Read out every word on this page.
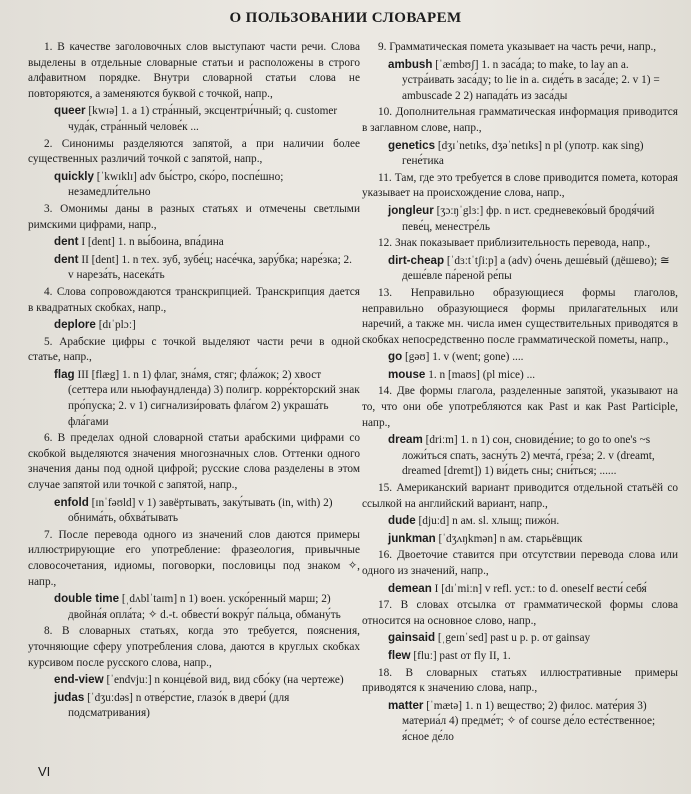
О ПОЛЬЗОВАНИИ СЛОВАРЕМ

1. В качестве заголовочных слов выступают части речи. Слова выделены в отдельные словарные статьи и расположены в строго алфавитном порядке. Внутри словарной статьи слова не повторяются, а заменяются буквой с точкой, напр.,

queer [kwɪə] 1. a 1) стра́нный, эксцентри́чный; q. customer чуда́к, стра́нный челове́к ...

2. Синонимы разделяются запятой, а при наличии более существенных различий точкой с запятой, напр.,

quickly [ˈkwɪklɪ] adv бы́стро, ско́ро, поспе́шно; незамедли́тельно

3. Омонимы даны в разных статьях и отмечены светлыми римскими цифрами, напр.,

dent I [dent] 1. n вы́боина, впа́дина

dent II [dent] 1. n тех. зуб, зубе́ц; насе́чка, зару́бка; наре́зка; 2. v нареза́ть, насека́ть

4. Слова сопровождаются транскрипцией. Транскрипция дается в квадратных скобках, напр.,

deplore [dɪˈplɔː]

5. Арабские цифры с точкой выделяют части речи в одной статье, напр.,

flag III [flæg] 1. n 1) флаг, зна́мя, стяг; фла́жок; 2) хвост (сеттера или ньюфаундленда) 3) полигр. корре́кторский знак про́пуска; 2. v 1) сигнализи́ровать фла́гом 2) украша́ть фла́гами

6. В пределах одной словарной статьи арабскими цифрами со скобкой выделяются значения многозначных слов. Оттенки одного значения даны под одной цифрой; русские слова разделены в этом случае запятой или точкой с запятой, напр.,

enfold [ɪnˈfəʊld] v 1) завёртывать, заку́тывать (in, with) 2) обнима́ть, обхва́тывать

7. После перевода одного из значений слов даются примеры иллюстрирующие его употребление: фразеология, привычные словосочетания, идиомы, поговорки, пословицы под знаком ✧, напр.,

double time [ˌdʌblˈtaɪm] n 1) воен. уско́ренный марш; 2) двойна́я опла́та; ✧ d.-t. обвести́ вокру́г па́льца, обману́ть

8. В словарных статьях, когда это требуется, пояснения, уточняющие сферу употребления слова, даются в круглых скобках курсивом после русского слова, напр.,

end-view [ˈendvjuː] n конце́вой вид, вид сбо́ку (на чертеже)

judas [ˈdʒuːdəs] n отве́рстие, глазо́к в двери́ (для подсматривания)

9. Грамматическая помета указывает на часть речи, напр.,

ambush [ˈæmbʊʃ] 1. n заса́да; to make, to lay an a. устра́ивать заса́ду; to lie in a. сиде́ть в заса́де; 2. v 1) = ambuscade 2 2) напада́ть из заса́ды

10. Дополнительная грамматическая информация приводится в заглавном слове, напр.,

genetics [dʒɪˈnetɪks, dʒəˈnetɪks] n pl (употр. как sing) гене́тика

11. Там, где это требуется в слове приводится помета, которая указывает на происхождение слова, напр.,

jongleur [ʒɔːŋˈglɜː] фр. n ист. средневеко́вый бродя́чий певе́ц, менестре́ль

12. Знак показывает приблизительность перевода, напр.,

dirt-cheap [ˈdɜːtˈtʃiːp] a (adv) о́чень деше́вый (дёшево); ≅ деше́вле па́реной ре́пы

13. Неправильно образующиеся формы глаголов, неправильно образующиеся формы прилагательных или наречий, а также мн. числа имен существительных приводятся в скобках непосредственно после грамматической пометы, напр.,

go [gəʊ] 1. v (went; gone) ....

mouse 1. n [maʊs] (pl mice) ...

14. Две формы глагола, разделенные запятой, указывают на то, что они обе употребляются как Past и как Past Participle, напр.,

dream [driːm] 1. n 1) сон, сновиде́ние; to go to one's ~s ложи́ться спать, засну́ть 2) мечта́, гре́за; 2. v (dreamt, dreamed [dremt]) 1) ви́деть сны; сни́ться; ......

15. Американский вариант приводится отдельной статьёй со ссылкой на английский вариант, напр.,

dude [djuːd] n ам. sl. хлыщ; пижо́н.

junkman [ˈdʒʌŋkmən] n ам. старьёвщик

16. Двоеточие ставится при отсутствии перевода слова или одного из значений, напр.,

demean I [dɪˈmiːn] v refl. уст.: to d. oneself вести́ себя́

17. В словах отсылка от грамматической формы слова относится на основное слово, напр.,

gainsaid [ˌgeɪnˈsed] past u p. p. от gainsay

flew [fluː] past от fly II, 1.

18. В словарных статьях иллюстративные примеры приводятся к значению слова, напр.,

matter [ˈmætə] 1. n 1) вещество; 2) филос. мате́рия 3) материа́л 4) предме́т; ✧ of course де́ло есте́ственное; я́сное де́ло

VI
